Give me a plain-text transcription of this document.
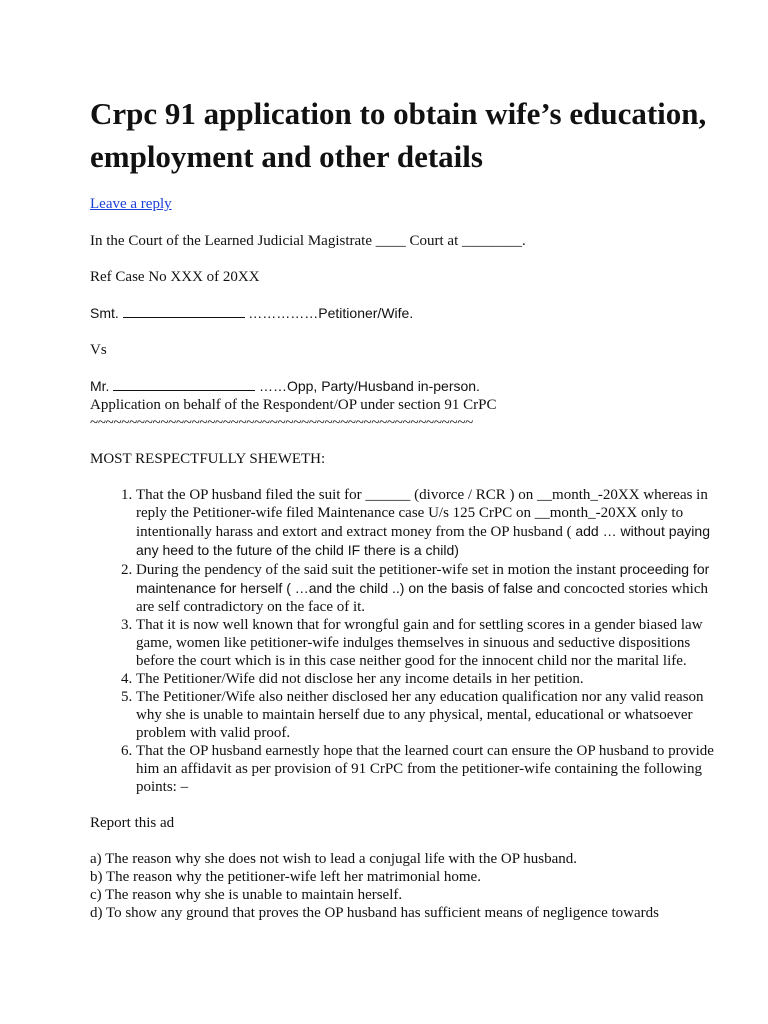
Crpc 91 application to obtain wife’s education, employment and other details
Leave a reply

In the Court of the Learned Judicial Magistrate ____ Court at ________.

Ref Case No XXX of 20XX

Smt.	……………Petitioner/Wife.

Vs

Mr.	……Opp, Party/Husband in-person.

Application on behalf of the Respondent/OP under section 91 CrPC

~~~~~~~~~~~~~~~~~~~~~~~~~~~~~~~~~~~~~~~~~~~~~~~~~

MOST RESPECTFULLY SHEWETH:

1. That the OP husband filed the suit for ______ (divorce / RCR ) on __month_-20XX whereas in reply the Petitioner-wife filed Maintenance case U/s 125 CrPC on __month_-20XX only to intentionally harass and extort and extract money from the OP husband ( add … without paying any heed to the future of the child IF there is a child)
2. During the pendency of the said suit the petitioner-wife set in motion the instant proceeding for maintenance for herself ( …and the child ..) on the basis of false and concocted stories which are self contradictory on the face of it.
3. That it is now well known that for wrongful gain and for settling scores in a gender biased law game, women like petitioner-wife indulges themselves in sinuous and seductive dispositions before the court which is in this case neither good for the innocent child nor the marital life.
4. The Petitioner/Wife did not disclose her any income details in her petition.
5. The Petitioner/Wife also neither disclosed her any education qualification nor any valid reason why she is unable to maintain herself due to any physical, mental, educational or whatsoever problem with valid proof.
6. That the OP husband earnestly hope that the learned court can ensure the OP husband to provide him an affidavit as per provision of 91 CrPC from the petitioner-wife containing the following points: –

Report this ad

a) The reason why she does not wish to lead a conjugal life with the OP husband.

b) The reason why the petitioner-wife left her matrimonial home.

c) The reason why she is unable to maintain herself.

d) To show any ground that proves the OP husband has sufficient means of negligence towards
